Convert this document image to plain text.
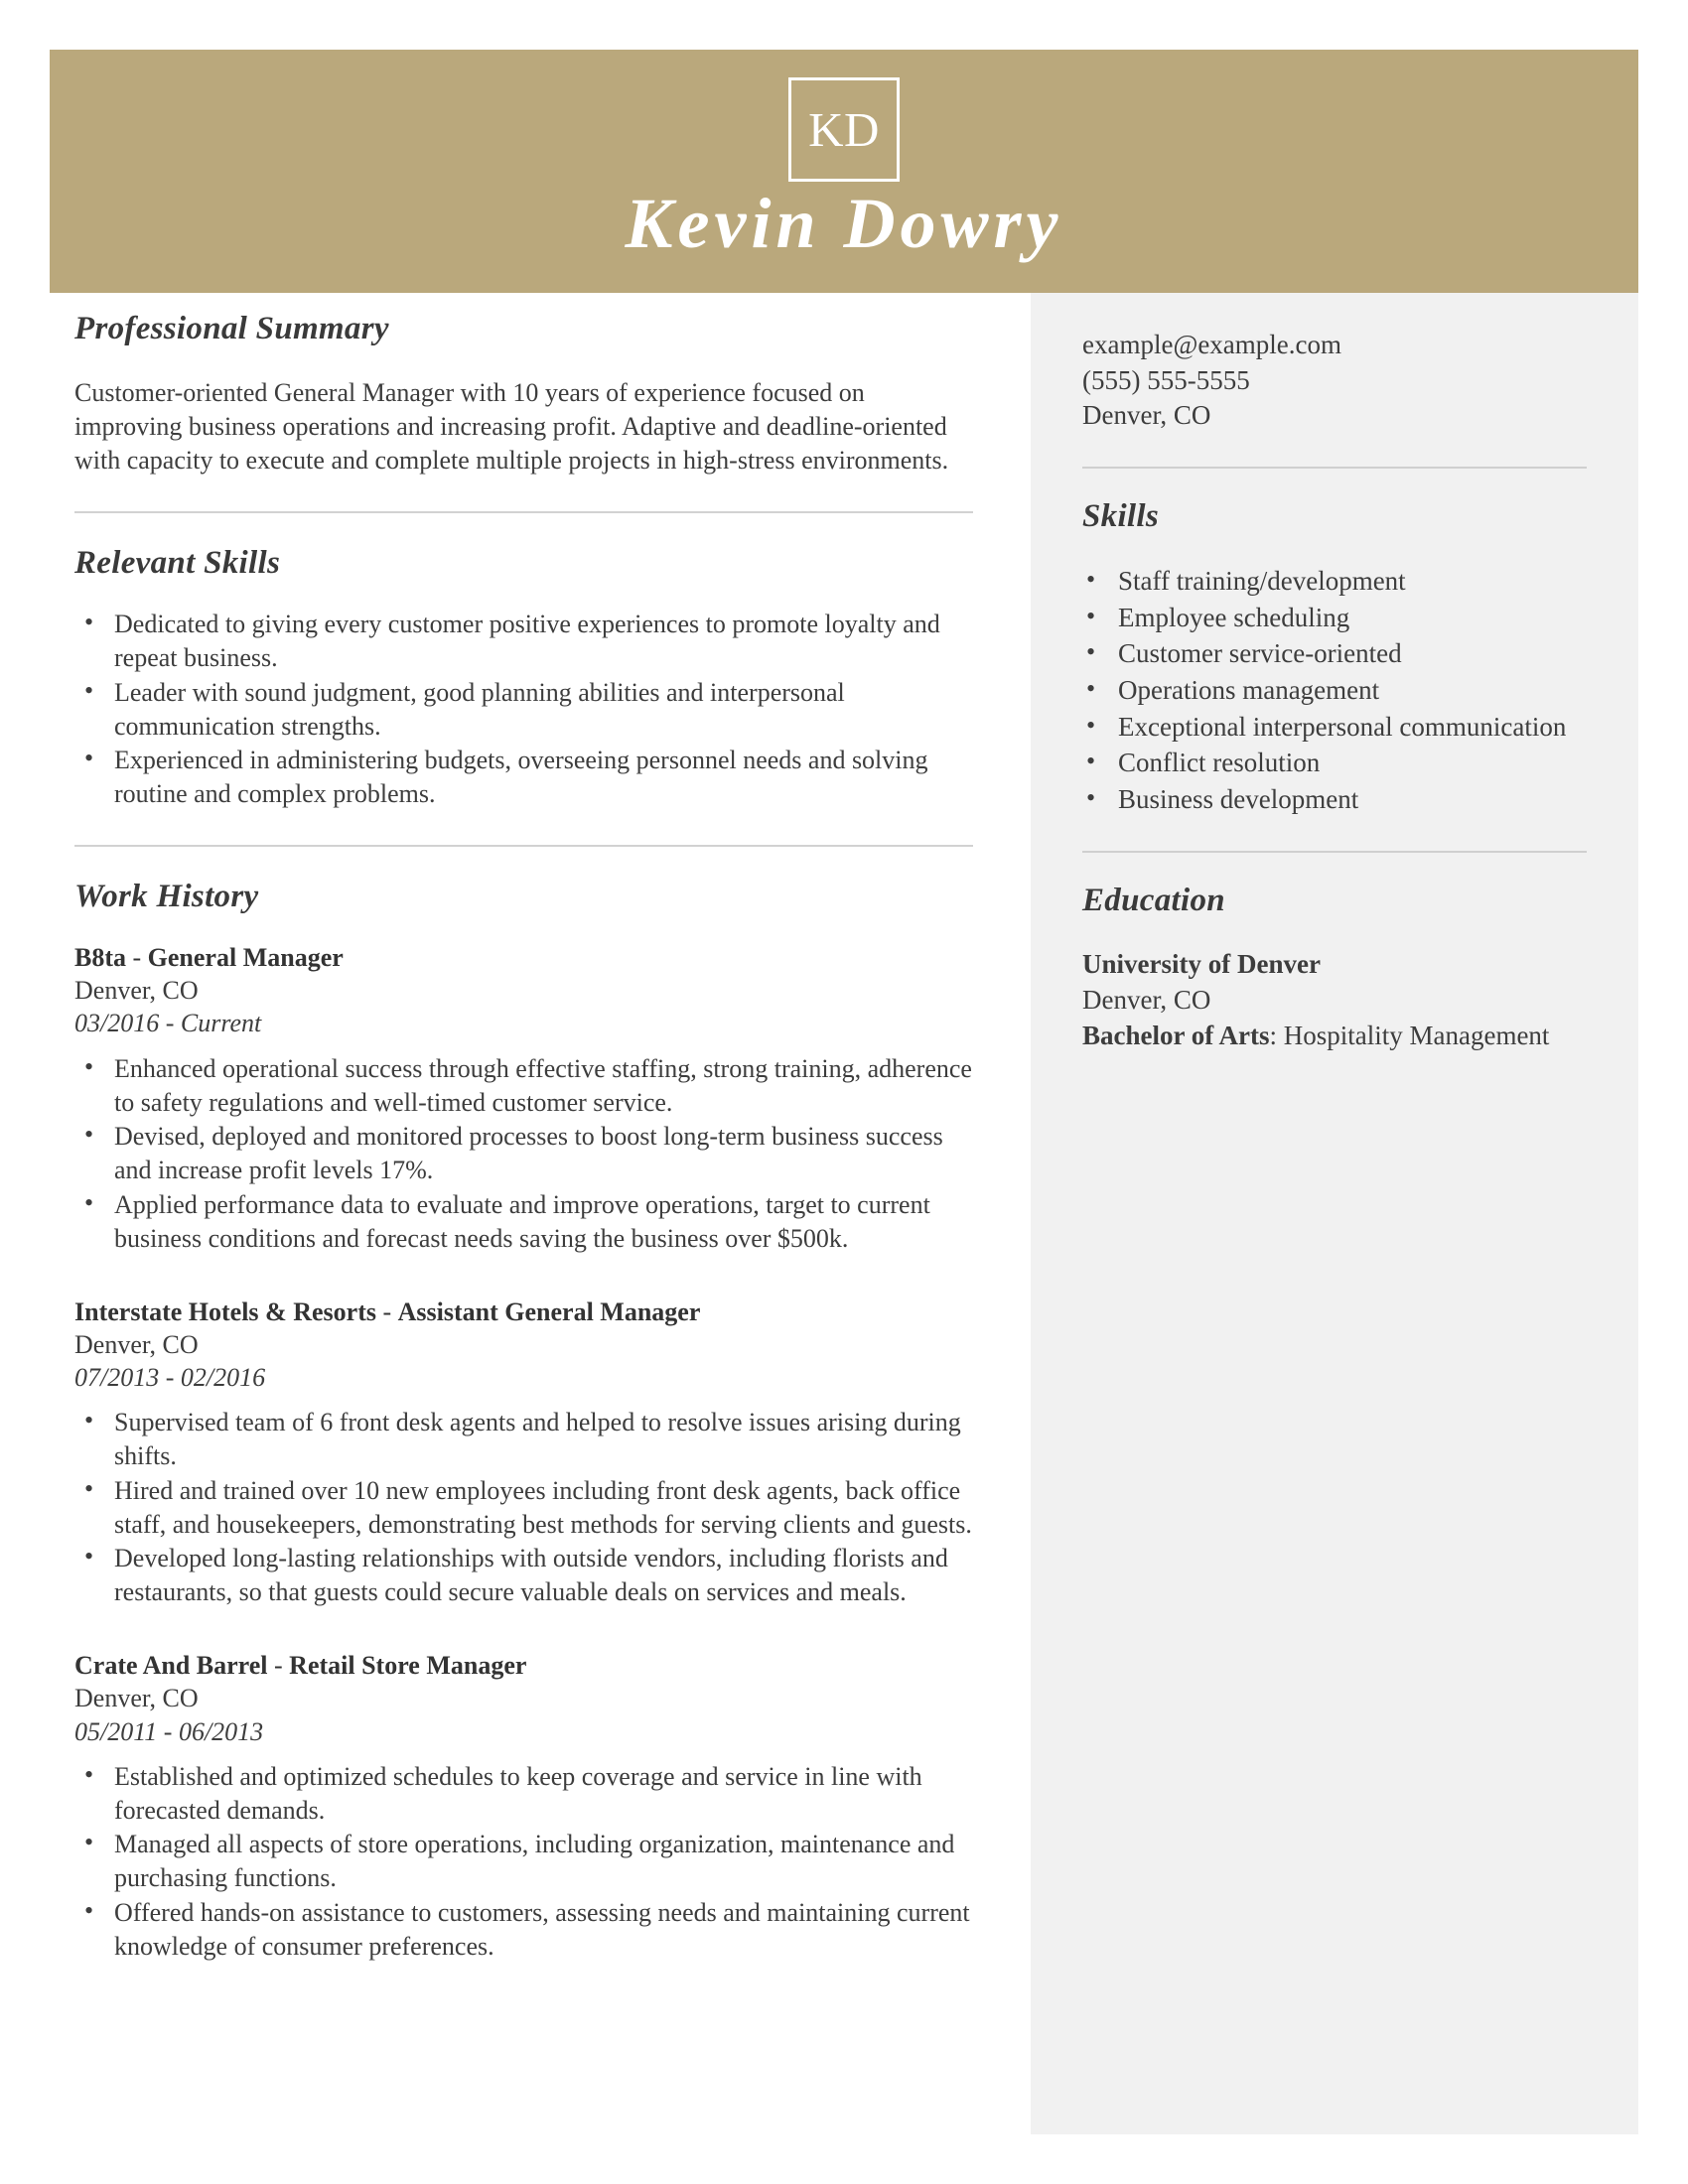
KD
Kevin Dowry
example@example.com
(555) 555-5555
Denver, CO
Skills
• Staff training/development
• Employee scheduling
• Customer service-oriented
• Operations management
• Exceptional interpersonal communication
• Conflict resolution
• Business development
Education
University of Denver
Denver, CO
Bachelor of Arts: Hospitality Management
Professional Summary
Customer-oriented General Manager with 10 years of experience focused on improving business operations and increasing profit. Adaptive and deadline-oriented with capacity to execute and complete multiple projects in high-stress environments.
Relevant Skills
• Dedicated to giving every customer positive experiences to promote loyalty and repeat business.
• Leader with sound judgment, good planning abilities and interpersonal communication strengths.
• Experienced in administering budgets, overseeing personnel needs and solving routine and complex problems.
Work History
B8ta - General Manager
Denver, CO
03/2016 - Current
• Enhanced operational success through effective staffing, strong training, adherence to safety regulations and well-timed customer service.
• Devised, deployed and monitored processes to boost long-term business success and increase profit levels 17%.
• Applied performance data to evaluate and improve operations, target to current business conditions and forecast needs saving the business over $500k.
Interstate Hotels & Resorts - Assistant General Manager
Denver, CO
07/2013 - 02/2016
• Supervised team of 6 front desk agents and helped to resolve issues arising during shifts.
• Hired and trained over 10 new employees including front desk agents, back office staff, and housekeepers, demonstrating best methods for serving clients and guests.
• Developed long-lasting relationships with outside vendors, including florists and restaurants, so that guests could secure valuable deals on services and meals.
Crate And Barrel - Retail Store Manager
Denver, CO
05/2011 - 06/2013
• Established and optimized schedules to keep coverage and service in line with forecasted demands.
• Managed all aspects of store operations, including organization, maintenance and purchasing functions.
• Offered hands-on assistance to customers, assessing needs and maintaining current knowledge of consumer preferences.
